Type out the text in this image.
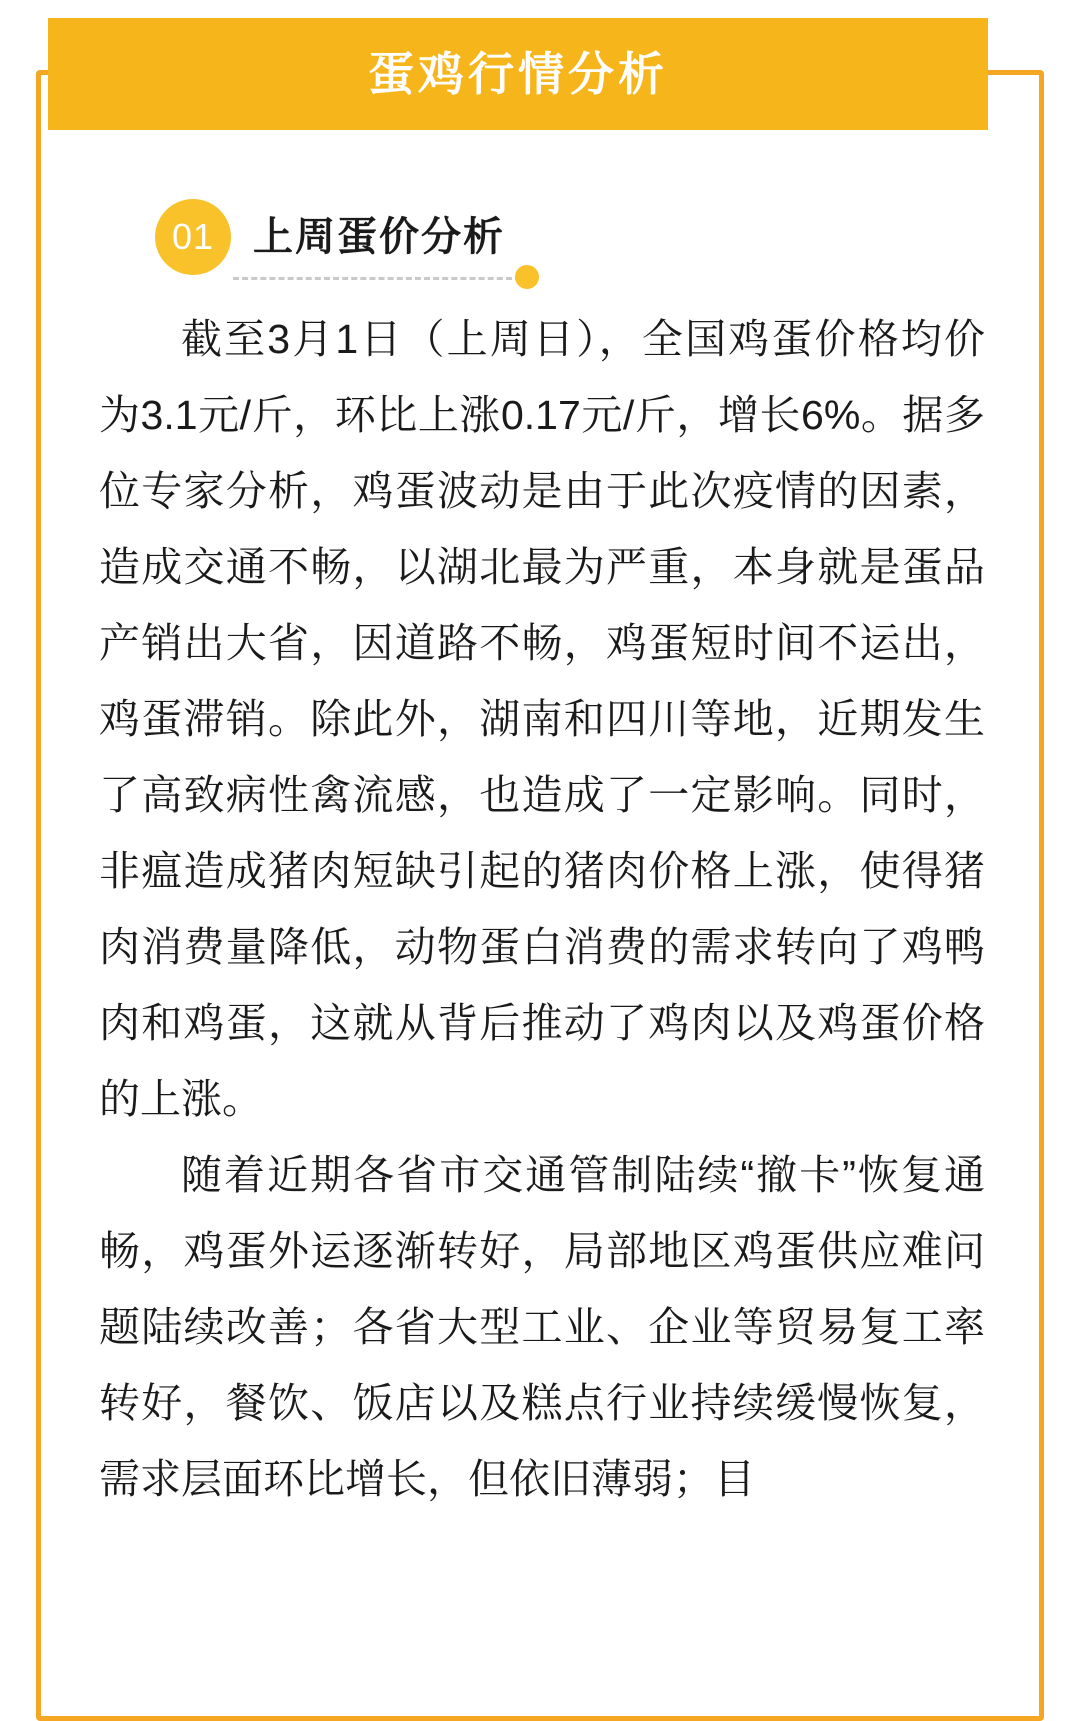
蛋鸡行情分析
01 上周蛋价分析

截至3月1日（上周日），全国鸡蛋价格均价为3.1元/斤，环比上涨0.17元/斤，增长6%。据多位专家分析，鸡蛋波动是由于此次疫情的因素，造成交通不畅，以湖北最为严重，本身就是蛋品产销出大省，因道路不畅，鸡蛋短时间不运出，鸡蛋滞销。除此外，湖南和四川等地，近期发生了高致病性禽流感，也造成了一定影响。同时，非瘟造成猪肉短缺引起的猪肉价格上涨，使得猪肉消费量降低，动物蛋白消费的需求转向了鸡鸭肉和鸡蛋，这就从背后推动了鸡肉以及鸡蛋价格的上涨。

随着近期各省市交通管制陆续“撤卡”恢复通畅，鸡蛋外运逐渐转好，局部地区鸡蛋供应难问题陆续改善；各省大型工业、企业等贸易复工率转好，餐饮、饭店以及糕点行业持续缓慢恢复，需求层面环比增长，但依旧薄弱；目
